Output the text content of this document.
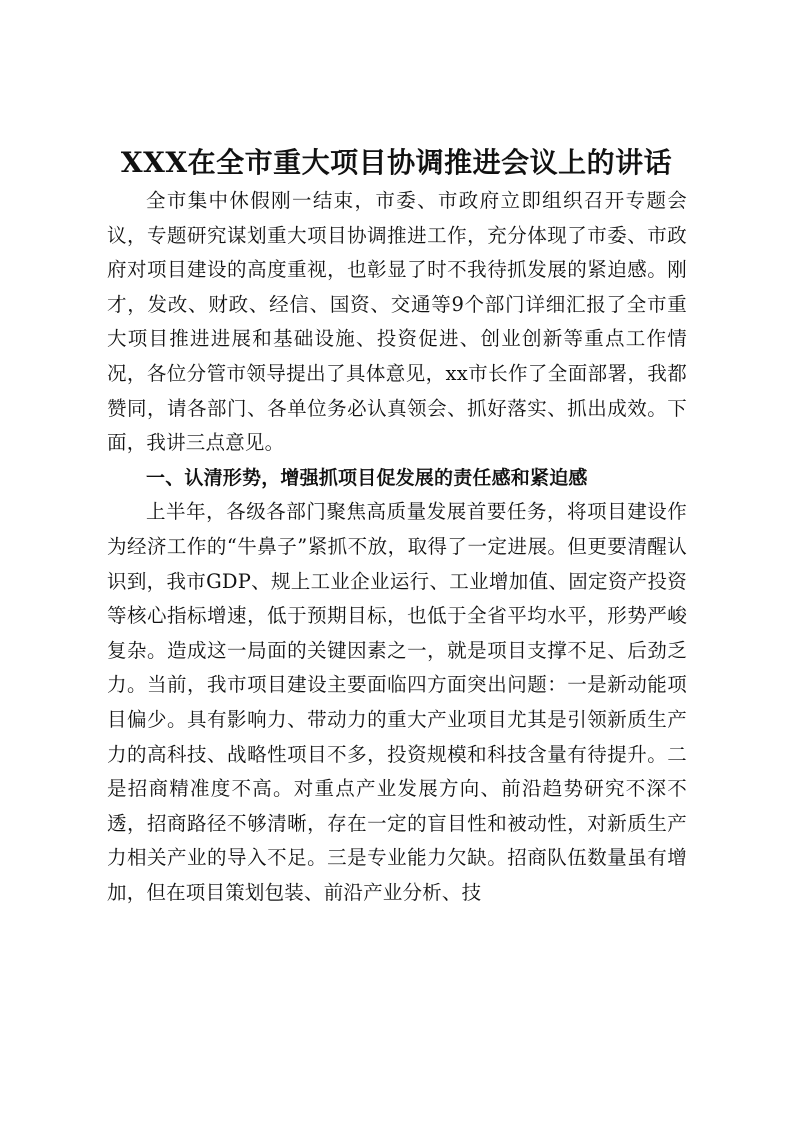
XXX在全市重大项目协调推进会议上的讲话

全市集中休假刚一结束，市委、市政府立即组织召开专题会议，专题研究谋划重大项目协调推进工作，充分体现了市委、市政府对项目建设的高度重视，也彰显了时不我待抓发展的紧迫感。刚才，发改、财政、经信、国资、交通等9个部门详细汇报了全市重大项目推进进展和基础设施、投资促进、创业创新等重点工作情况，各位分管市领导提出了具体意见，xx市长作了全面部署，我都赞同，请各部门、各单位务必认真领会、抓好落实、抓出成效。下面，我讲三点意见。

一、认清形势，增强抓项目促发展的责任感和紧迫感

上半年，各级各部门聚焦高质量发展首要任务，将项目建设作为经济工作的“牛鼻子”紧抓不放，取得了一定进展。但更要清醒认识到，我市GDP、规上工业企业运行、工业增加值、固定资产投资等核心指标增速，低于预期目标，也低于全省平均水平，形势严峻复杂。造成这一局面的关键因素之一，就是项目支撑不足、后劲乏力。当前，我市项目建设主要面临四方面突出问题：一是新动能项目偏少。具有影响力、带动力的重大产业项目尤其是引领新质生产力的高科技、战略性项目不多，投资规模和科技含量有待提升。二是招商精准度不高。对重点产业发展方向、前沿趋势研究不深不透，招商路径不够清晰，存在一定的盲目性和被动性，对新质生产力相关产业的导入不足。三是专业能力欠缺。招商队伍数量虽有增加，但在项目策划包装、前沿产业分析、技
